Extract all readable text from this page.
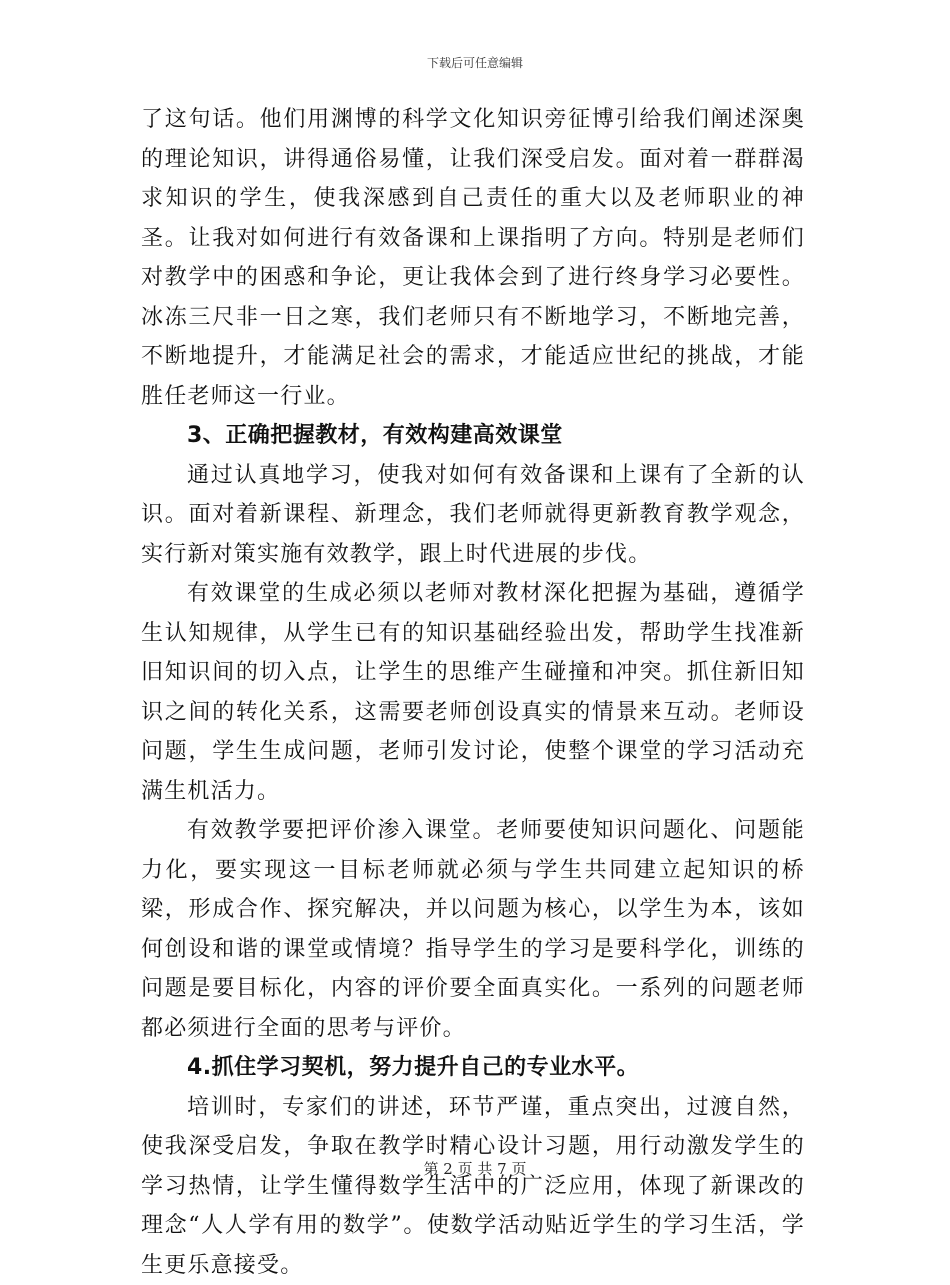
下载后可任意编辑

了这句话。他们用渊博的科学文化知识旁征博引给我们阐述深奥的理论知识，讲得通俗易懂，让我们深受启发。面对着一群群渴求知识的学生，使我深感到自己责任的重大以及老师职业的神圣。让我对如何进行有效备课和上课指明了方向。特别是老师们对教学中的困惑和争论，更让我体会到了进行终身学习必要性。冰冻三尺非一日之寒，我们老师只有不断地学习，不断地完善，不断地提升，才能满足社会的需求，才能适应世纪的挑战，才能胜任老师这一行业。

3、正确把握教材，有效构建高效课堂

通过认真地学习，使我对如何有效备课和上课有了全新的认识。面对着新课程、新理念，我们老师就得更新教育教学观念，实行新对策实施有效教学，跟上时代进展的步伐。

有效课堂的生成必须以老师对教材深化把握为基础，遵循学生认知规律，从学生已有的知识基础经验出发，帮助学生找准新旧知识间的切入点，让学生的思维产生碰撞和冲突。抓住新旧知识之间的转化关系，这需要老师创设真实的情景来互动。老师设问题，学生生成问题，老师引发讨论，使整个课堂的学习活动充满生机活力。

有效教学要把评价渗入课堂。老师要使知识问题化、问题能力化，要实现这一目标老师就必须与学生共同建立起知识的桥梁，形成合作、探究解决，并以问题为核心，以学生为本，该如何创设和谐的课堂或情境？指导学生的学习是要科学化，训练的问题是要目标化，内容的评价要全面真实化。一系列的问题老师都必须进行全面的思考与评价。

4.抓住学习契机，努力提升自己的专业水平。

培训时，专家们的讲述，环节严谨，重点突出，过渡自然，使我深受启发，争取在教学时精心设计习题，用行动激发学生的学习热情，让学生懂得数学生活中的广泛应用，体现了新课改的理念“人人学有用的数学”。使数学活动贴近学生的学习生活，学生更乐意接受。

第 2 页 共 7 页
